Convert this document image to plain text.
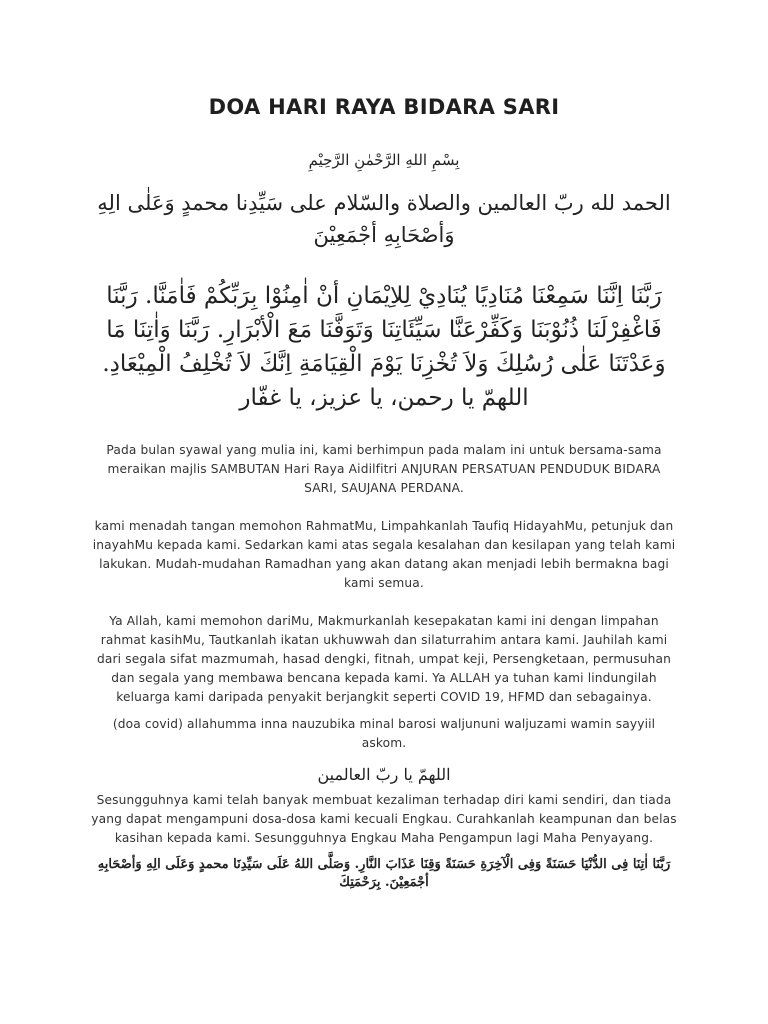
DOA HARI RAYA BIDARA SARI
بِسْمِ اللهِ الرَّحْمٰنِ الرَّحِيْمِ
الحمد لله ربّ العالمين والصلاة والسّلام على سَيِّدِنا محمدٍ وَعَلٰى الِهِ وَأصْحَابِهِ أجْمَعِيْنَ
رَبَّنَا اِنَّنَا سَمِعْنَا مُنَادِيًا يُنَادِيْ لِلاِيْمَانِ أنْ اٰمِنُوْا بِرَبِّكُمْ فَاٰمَنَّا. رَبَّنَا فَاغْفِرْلَنَا ذُنُوْبَنَا وَكَفِّرْعَنَّا سَيِّئَاتِنَا وَتَوَفَّنَا مَعَ الْأبْرَارِ. رَبَّنَا وَاٰتِنَا مَا وَعَدْتَنَا عَلٰى رُسُلِكَ وَلاَ تُخْزِنَا يَوْمَ الْقِيَامَةِ اِنَّكَ لاَ تُخْلِفُ الْمِيْعَادِ. اللهمّ يا رحمن، يا عزيز، يا غفّار

Pada bulan syawal yang mulia ini, kami berhimpun pada malam ini untuk bersama-sama meraikan majlis SAMBUTAN Hari Raya Aidilfitri ANJURAN PERSATUAN PENDUDUK BIDARA SARI, SAUJANA PERDANA.

kami menadah tangan memohon RahmatMu, Limpahkanlah Taufiq HidayahMu, petunjuk dan inayahMu kepada kami. Sedarkan kami atas segala kesalahan dan kesilapan yang telah kami lakukan. Mudah-mudahan Ramadhan yang akan datang akan menjadi lebih bermakna bagi kami semua.

Ya Allah, kami memohon dariMu, Makmurkanlah kesepakatan kami ini dengan limpahan rahmat kasihMu, Tautkanlah ikatan ukhuwwah dan silaturrahim antara kami. Jauhilah kami dari segala sifat mazmumah, hasad dengki, fitnah, umpat keji, Persengketaan, permusuhan dan segala yang membawa bencana kepada kami. Ya ALLAH ya tuhan kami lindungilah keluarga kami daripada penyakit berjangkit seperti COVID 19, HFMD dan sebagainya.

(doa covid) allahumma inna nauzubika minal barosi waljununi waljuzami wamin sayyiil askom.

اللهمّ يا ربّ العالمين

Sesungguhnya kami telah banyak membuat kezaliman terhadap diri kami sendiri, dan tiada yang dapat mengampuni dosa-dosa kami kecuali Engkau. Curahkanlah keampunan dan belas kasihan kepada kami. Sesungguhnya Engkau Maha Pengampun lagi Maha Penyayang.

رَبَّنَا اٰتِنَا فِى الدُّنْيَا حَسَنَةً وَفِى الْآخِرَةِ حَسَنَةً وَقِنَا عَذَابَ النَّارِ. وَصَلَّى اللهُ عَلَى سَيِّدِنَا محمدٍ وَعَلَى الِهِ وَأصْحَابِهِ أجْمَعِيْنَ. بِرَحْمَتِكَ
